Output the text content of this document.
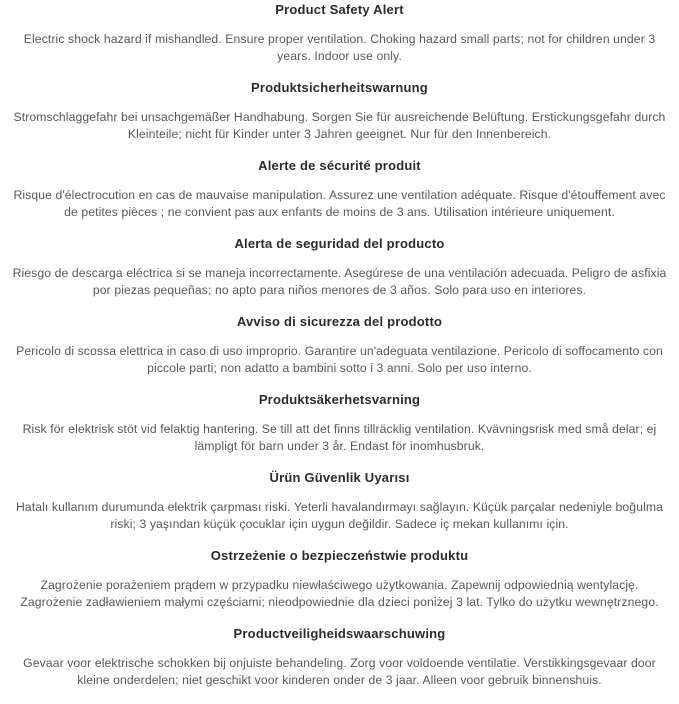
Product Safety Alert
Electric shock hazard if mishandled. Ensure proper ventilation. Choking hazard small parts; not for children under 3
years. Indoor use only.
Produktsicherheitswarnung
Stromschlaggefahr bei unsachgemäßer Handhabung. Sorgen Sie für ausreichende Belüftung. Erstickungsgefahr durch
Kleinteile; nicht für Kinder unter 3 Jahren geeignet. Nur für den Innenbereich.
Alerte de sécurité produit
Risque d'électrocution en cas de mauvaise manipulation. Assurez une ventilation adéquate. Risque d'étouffement avec
de petites pièces ; ne convient pas aux enfants de moins de 3 ans. Utilisation intérieure uniquement.
Alerta de seguridad del producto
Riesgo de descarga eléctrica si se maneja incorrectamente. Asegúrese de una ventilación adecuada. Peligro de asfixia
por piezas pequeñas; no apto para niños menores de 3 años. Solo para uso en interiores.
Avviso di sicurezza del prodotto
Pericolo di scossa elettrica in caso di uso improprio. Garantire un'adeguata ventilazione. Pericolo di soffocamento con
piccole parti; non adatto a bambini sotto i 3 anni. Solo per uso interno.
Produktsäkerhetsvarning
Risk för elektrisk stöt vid felaktig hantering. Se till att det finns tillräcklig ventilation. Kvävningsrisk med små delar; ej
lämpligt för barn under 3 år. Endast för inomhusbruk.
Ürün Güvenlik Uyarısı
Hatalı kullanım durumunda elektrik çarpması riski. Yeterli havalandırmayı sağlayın. Küçük parçalar nedeniyle boğulma
riski; 3 yaşından küçük çocuklar için uygun değildir. Sadece iç mekan kullanımı için.
Ostrzeżenie o bezpieczeństwie produktu
Zagrożenie porażeniem prądem w przypadku niewłaściwego użytkowania. Zapewnij odpowiednią wentylację.
Zagrożenie zadławieniem małymi częściami; nieodpowiednie dla dzieci poniżej 3 lat. Tylko do użytku wewnętrznego.
Productveiligheidswaarschuwing
Gevaar voor elektrische schokken bij onjuiste behandeling. Zorg voor voldoende ventilatie. Verstikkingsgevaar door
kleine onderdelen; niet geschikt voor kinderen onder de 3 jaar. Alleen voor gebruik binnenshuis.
